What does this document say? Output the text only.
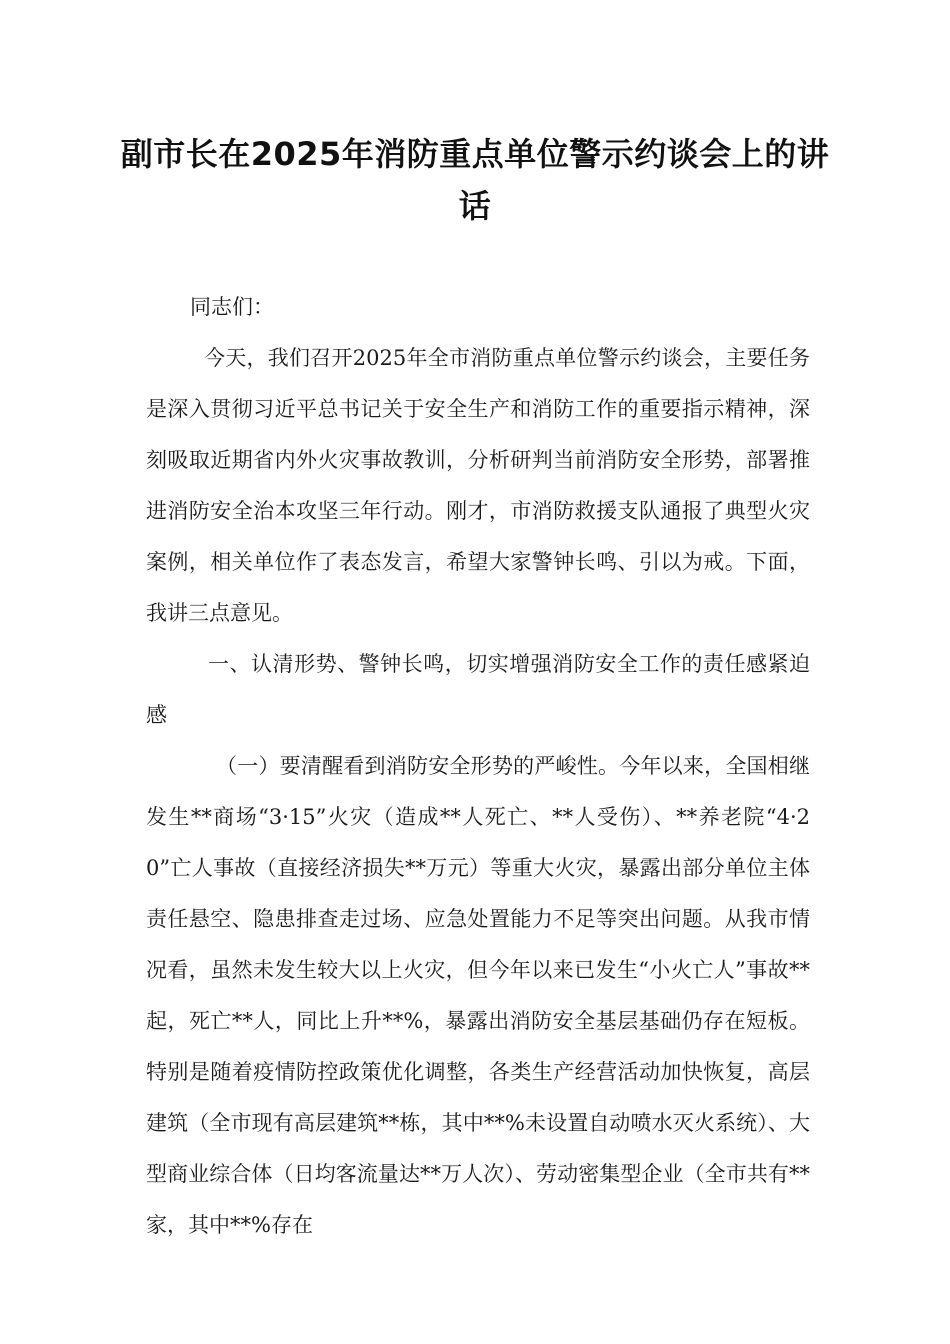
副市长在2025年消防重点单位警示约谈会上的讲话

同志们：

今天，我们召开2025年全市消防重点单位警示约谈会，主要任务是深入贯彻习近平总书记关于安全生产和消防工作的重要指示精神，深刻吸取近期省内外火灾事故教训，分析研判当前消防安全形势，部署推进消防安全治本攻坚三年行动。刚才，市消防救援支队通报了典型火灾案例，相关单位作了表态发言，希望大家警钟长鸣、引以为戒。下面，我讲三点意见。

一、认清形势、警钟长鸣，切实增强消防安全工作的责任感紧迫感

（一）要清醒看到消防安全形势的严峻性。今年以来，全国相继发生**商场“3·15”火灾（造成**人死亡、**人受伤）、**养老院“4·20”亡人事故（直接经济损失**万元）等重大火灾，暴露出部分单位主体责任悬空、隐患排查走过场、应急处置能力不足等突出问题。从我市情况看，虽然未发生较大以上火灾，但今年以来已发生“小火亡人”事故**起，死亡**人，同比上升**%，暴露出消防安全基层基础仍存在短板。特别是随着疫情防控政策优化调整，各类生产经营活动加快恢复，高层建筑（全市现有高层建筑**栋，其中**%未设置自动喷水灭火系统）、大型商业综合体（日均客流量达**万人次）、劳动密集型企业（全市共有**家，其中**%存在
